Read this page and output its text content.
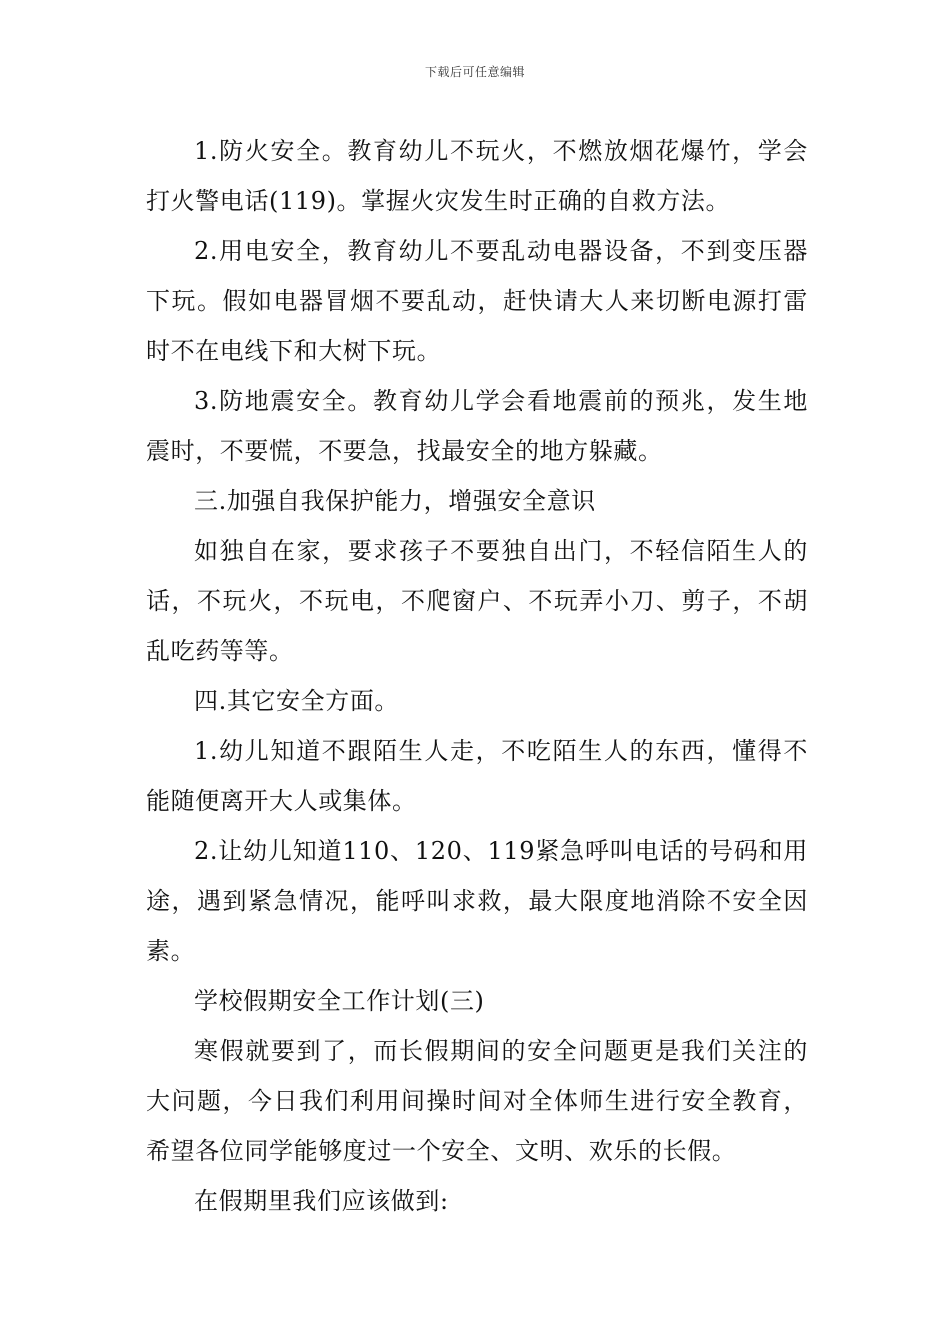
下载后可任意编辑

1.防火安全。教育幼儿不玩火，不燃放烟花爆竹，学会打火警电话(119)。掌握火灾发生时正确的自救方法。

2.用电安全，教育幼儿不要乱动电器设备，不到变压器下玩。假如电器冒烟不要乱动，赶快请大人来切断电源打雷时不在电线下和大树下玩。

3.防地震安全。教育幼儿学会看地震前的预兆，发生地震时，不要慌，不要急，找最安全的地方躲藏。

三.加强自我保护能力，增强安全意识

如独自在家，要求孩子不要独自出门，不轻信陌生人的话，不玩火，不玩电，不爬窗户、不玩弄小刀、剪子，不胡乱吃药等等。

四.其它安全方面。

1.幼儿知道不跟陌生人走，不吃陌生人的东西，懂得不能随便离开大人或集体。

2.让幼儿知道110、120、119紧急呼叫电话的号码和用途，遇到紧急情况，能呼叫求救，最大限度地消除不安全因素。

学校假期安全工作计划(三)

寒假就要到了，而长假期间的安全问题更是我们关注的大问题，今日我们利用间操时间对全体师生进行安全教育，希望各位同学能够度过一个安全、文明、欢乐的长假。

在假期里我们应该做到:
